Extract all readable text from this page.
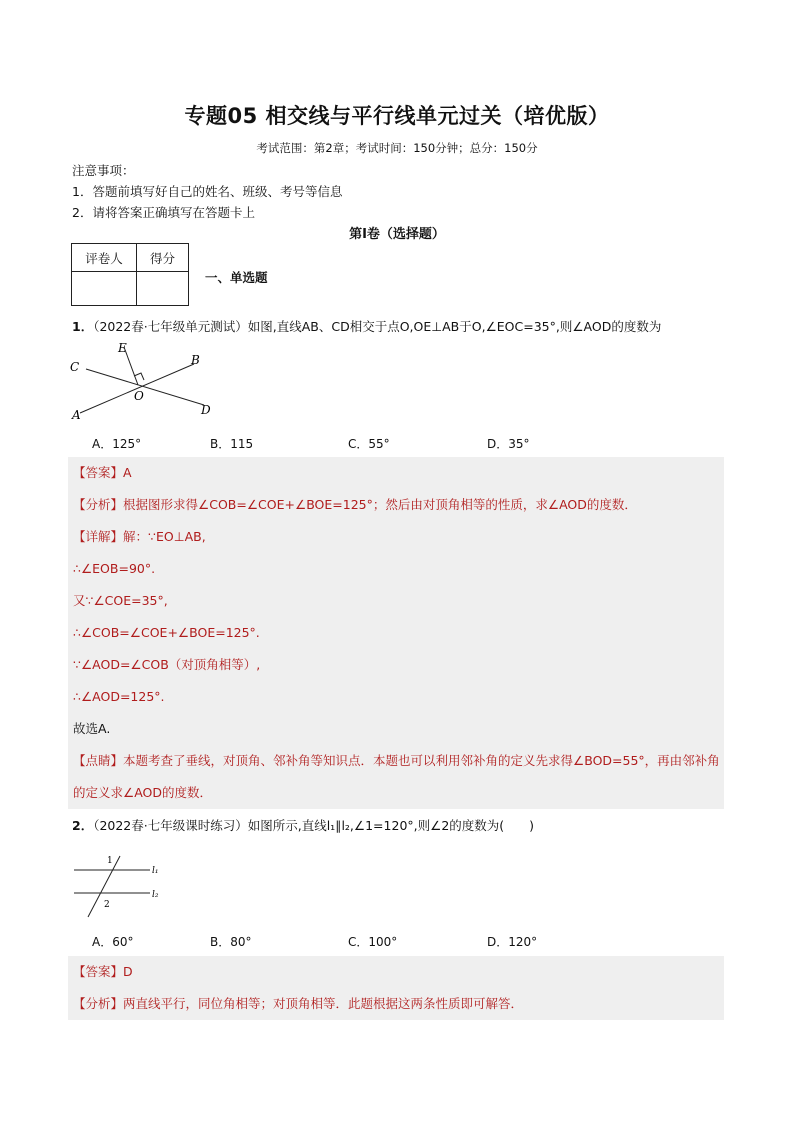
专题05 相交线与平行线单元过关（培优版）
考试范围：第2章；考试时间：150分钟；总分：150分
注意事项：
1．答题前填写好自己的姓名、班级、考号等信息
2．请将答案正确填写在答题卡上
第I卷（选择题）
评卷人	得分

一、单选题
1．（2022春·七年级单元测试）如图,直线AB、CD相交于点O,OE⊥AB于O,∠EOC=35°,则∠AOD的度数为
C
E
B
O
A	D
A．125°	B．115	C．55°	D．35°
【答案】A
【分析】根据图形求得∠COB=∠COE+∠BOE=125°；然后由对顶角相等的性质，求∠AOD的度数．
【详解】解：∵EO⊥AB,
∴∠EOB=90°.
又∵∠COE=35°,
∴∠COB=∠COE+∠BOE=125°.
∵∠AOD=∠COB（对顶角相等）,
∴∠AOD=125°.
故选A.
【点睛】本题考查了垂线，对顶角、邻补角等知识点．本题也可以利用邻补角的定义先求得∠BOD=55°，再由邻补角的定义求∠AOD的度数．
2．（2022春·七年级课时练习）如图所示,直线l₁∥l₂,∠1=120°,则∠2的度数为(　　)
1
2
l₁
l₂
A．60°	B．80°	C．100°	D．120°
【答案】D
【分析】两直线平行，同位角相等；对顶角相等．此题根据这两条性质即可解答．
